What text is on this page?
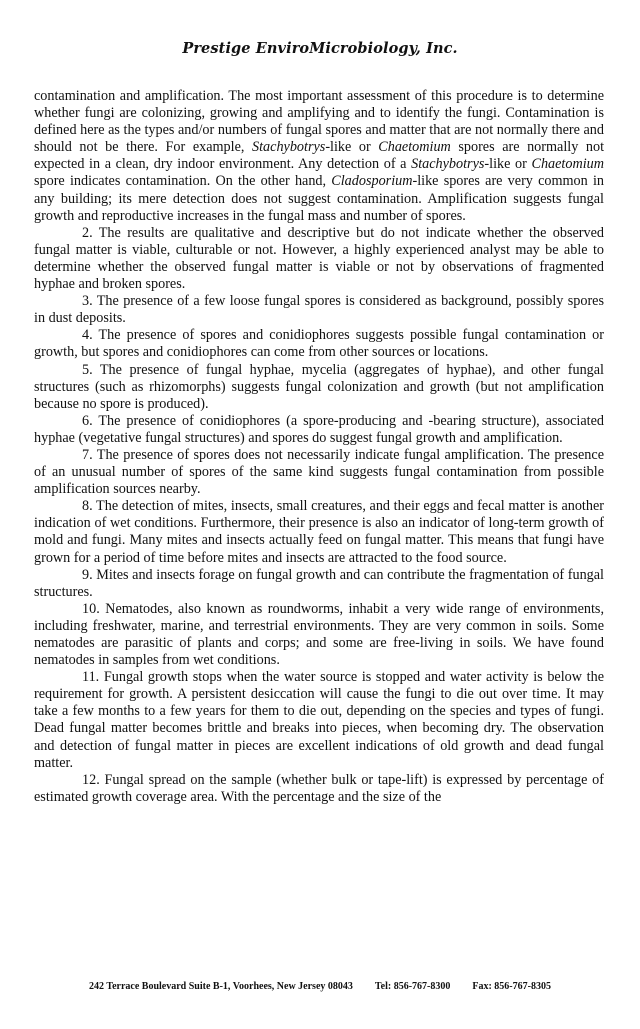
Prestige EnviroMicrobiology, Inc.

contamination and amplification. The most important assessment of this procedure is to determine whether fungi are colonizing, growing and amplifying and to identify the fungi. Contamination is defined here as the types and/or numbers of fungal spores and matter that are not normally there and should not be there. For example, Stachybotrys-like or Chaetomium spores are normally not expected in a clean, dry indoor environment. Any detection of a Stachybotrys-like or Chaetomium spore indicates contamination. On the other hand, Cladosporium-like spores are very common in any building; its mere detection does not suggest contamination. Amplification suggests fungal growth and reproductive increases in the fungal mass and number of spores.

2. The results are qualitative and descriptive but do not indicate whether the observed fungal matter is viable, culturable or not. However, a highly experienced analyst may be able to determine whether the observed fungal matter is viable or not by observations of fragmented hyphae and broken spores.

3. The presence of a few loose fungal spores is considered as background, possibly spores in dust deposits.

4. The presence of spores and conidiophores suggests possible fungal contamination or growth, but spores and conidiophores can come from other sources or locations.

5. The presence of fungal hyphae, mycelia (aggregates of hyphae), and other fungal structures (such as rhizomorphs) suggests fungal colonization and growth (but not amplification because no spore is produced).

6. The presence of conidiophores (a spore-producing and -bearing structure), associated hyphae (vegetative fungal structures) and spores do suggest fungal growth and amplification.

7. The presence of spores does not necessarily indicate fungal amplification. The presence of an unusual number of spores of the same kind suggests fungal contamination from possible amplification sources nearby.

8. The detection of mites, insects, small creatures, and their eggs and fecal matter is another indication of wet conditions. Furthermore, their presence is also an indicator of long-term growth of mold and fungi. Many mites and insects actually feed on fungal matter. This means that fungi have grown for a period of time before mites and insects are attracted to the food source.

9. Mites and insects forage on fungal growth and can contribute the fragmentation of fungal structures.

10. Nematodes, also known as roundworms, inhabit a very wide range of environments, including freshwater, marine, and terrestrial environments. They are very common in soils. Some nematodes are parasitic of plants and corps; and some are free-living in soils. We have found nematodes in samples from wet conditions.

11. Fungal growth stops when the water source is stopped and water activity is below the requirement for growth. A persistent desiccation will cause the fungi to die out over time. It may take a few months to a few years for them to die out, depending on the species and types of fungi. Dead fungal matter becomes brittle and breaks into pieces, when becoming dry. The observation and detection of fungal matter in pieces are excellent indications of old growth and dead fungal matter.

12. Fungal spread on the sample (whether bulk or tape-lift) is expressed by percentage of estimated growth coverage area. With the percentage and the size of the

242 Terrace Boulevard Suite B-1, Voorhees, New Jersey 08043 Tel: 856-767-8300 Fax: 856-767-8305
